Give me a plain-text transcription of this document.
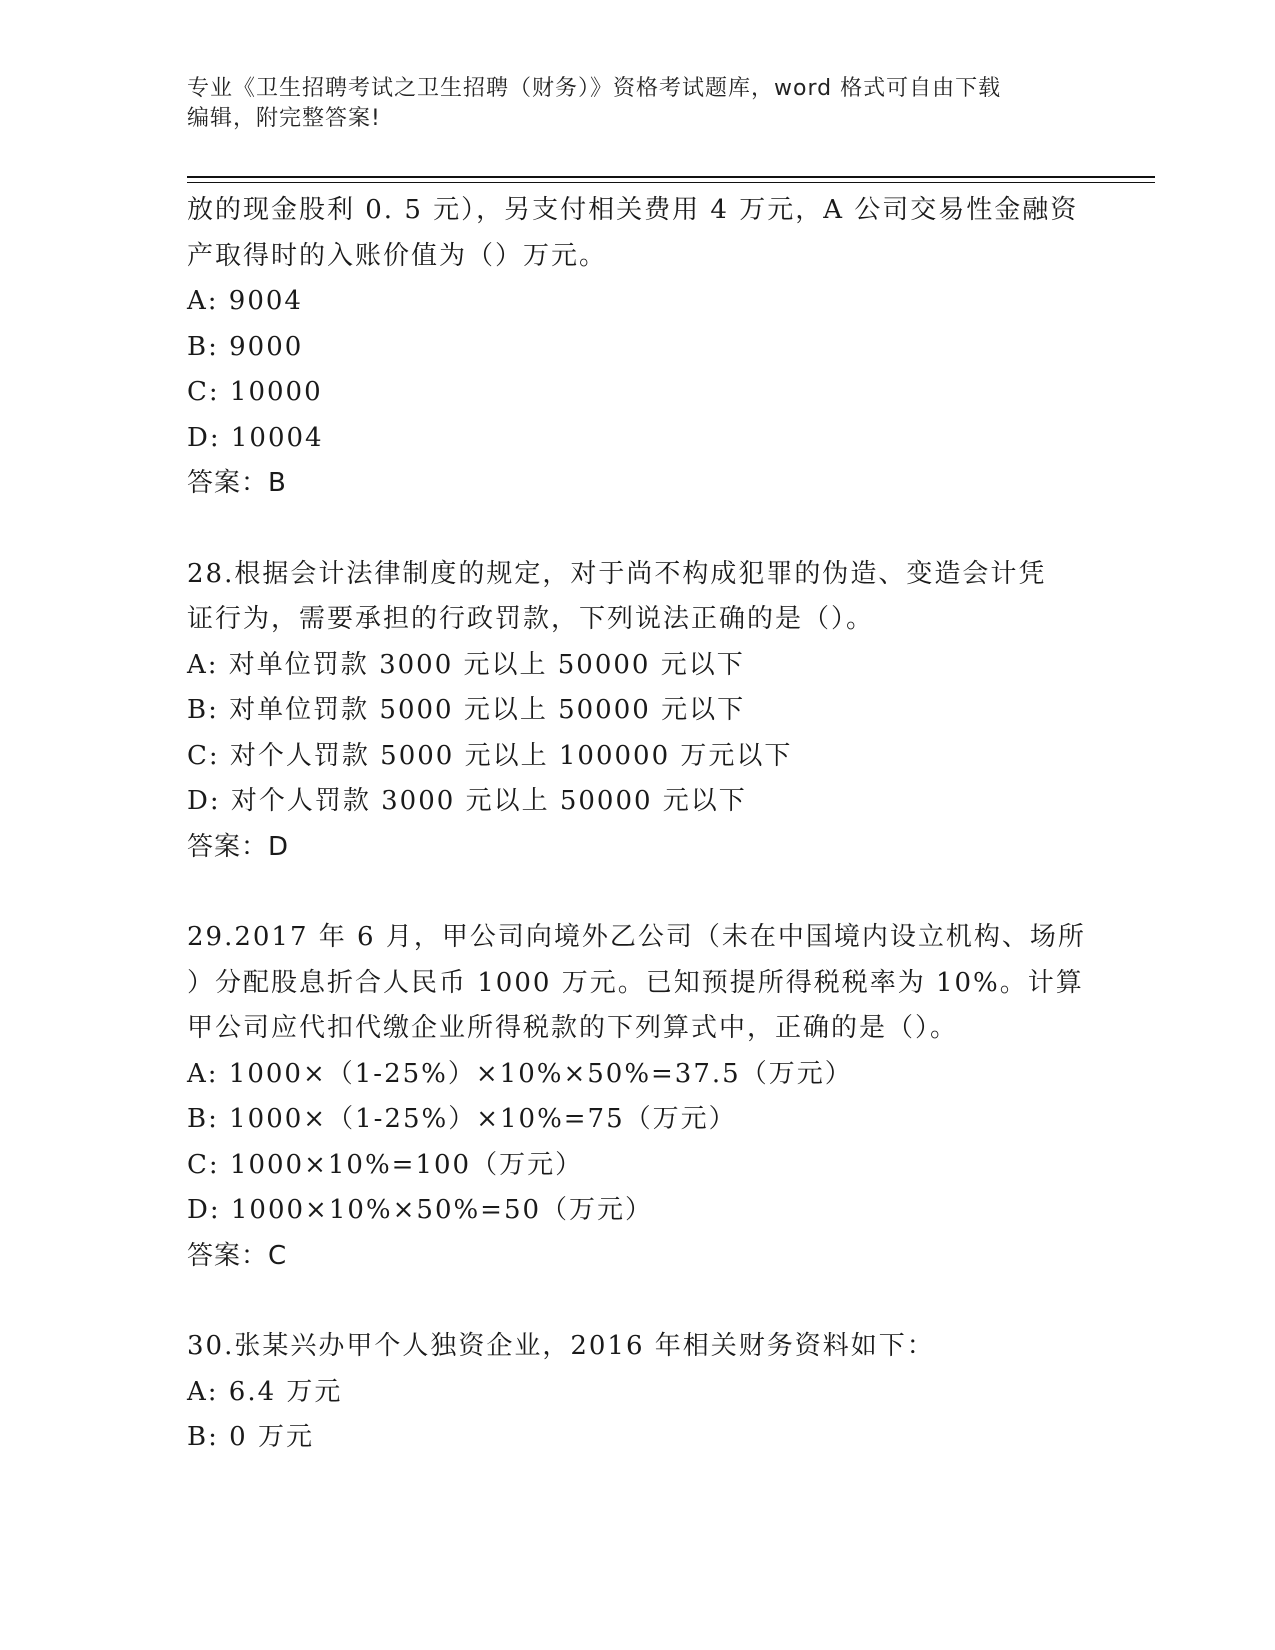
专业《卫生招聘考试之卫生招聘（财务）》资格考试题库，word 格式可自由下载
编辑，附完整答案!
放的现金股利 0. 5 元），另支付相关费用 4 万元，A 公司交易性金融资
产取得时的入账价值为（）万元。
A: 9004
B: 9000
C: 10000
D: 10004
答案：B
28.根据会计法律制度的规定，对于尚不构成犯罪的伪造、变造会计凭
证行为，需要承担的行政罚款，下列说法正确的是（）。
A: 对单位罚款 3000 元以上 50000 元以下
B: 对单位罚款 5000 元以上 50000 元以下
C: 对个人罚款 5000 元以上 100000 万元以下
D: 对个人罚款 3000 元以上 50000 元以下
答案：D
29.2017 年 6 月，甲公司向境外乙公司（未在中国境内设立机构、场所
）分配股息折合人民币 1000 万元。已知预提所得税税率为 10%。计算
甲公司应代扣代缴企业所得税款的下列算式中，正确的是（）。
A: 1000×（1-25%）×10%×50%=37.5（万元）
B: 1000×（1-25%）×10%=75（万元）
C: 1000×10%=100（万元）
D: 1000×10%×50%=50（万元）
答案：C
30.张某兴办甲个人独资企业，2016 年相关财务资料如下：
A: 6.4 万元
B: 0 万元
